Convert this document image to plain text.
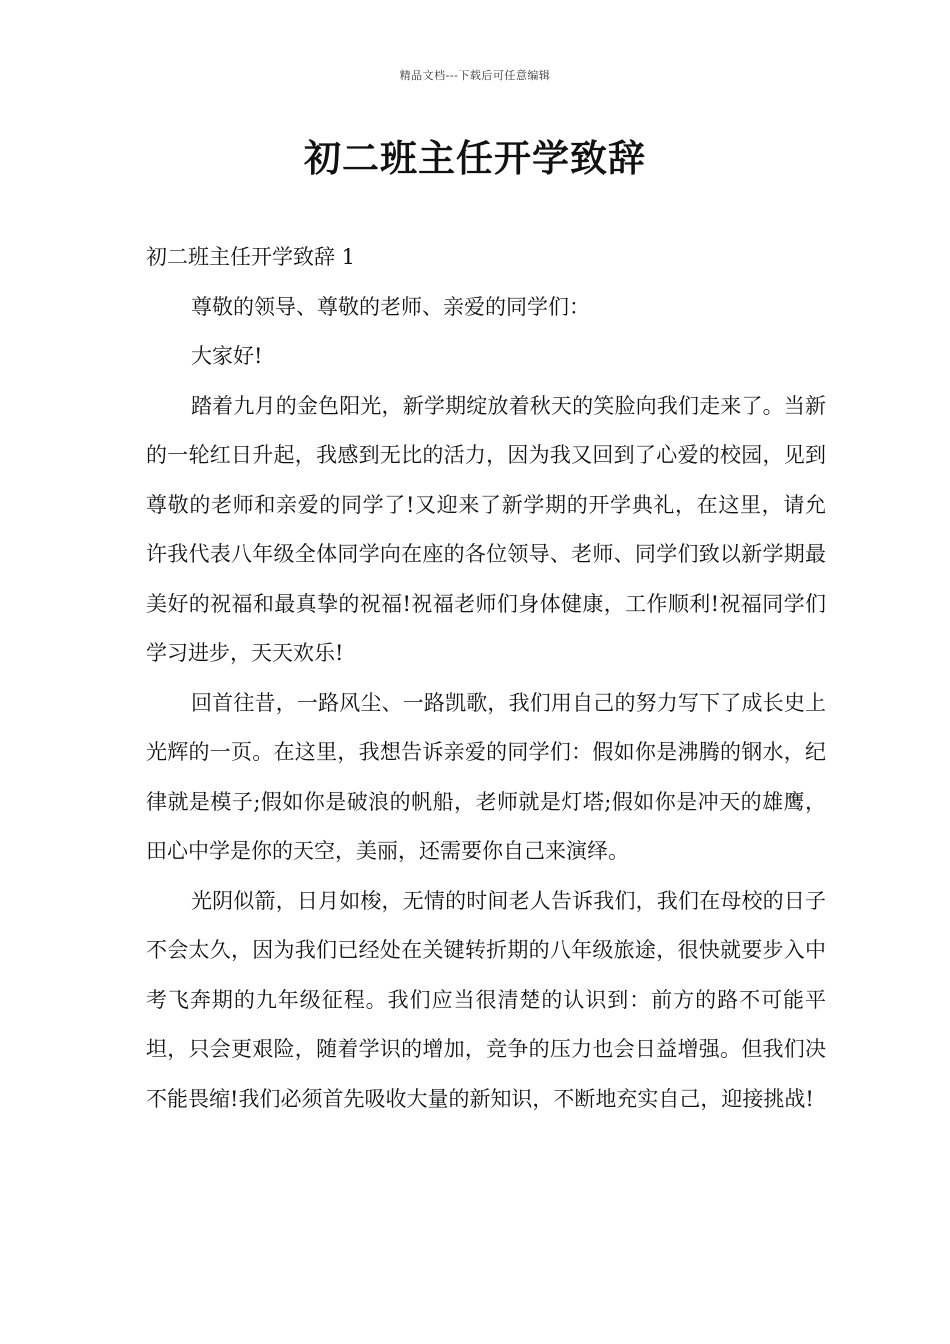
精品文档---下载后可任意编辑
初二班主任开学致辞

初二班主任开学致辞 1

尊敬的领导、尊敬的老师、亲爱的同学们：

大家好!

踏着九月的金色阳光，新学期绽放着秋天的笑脸向我们走来了。当新的一轮红日升起，我感到无比的活力，因为我又回到了心爱的校园，见到尊敬的老师和亲爱的同学了!又迎来了新学期的开学典礼，在这里，请允许我代表八年级全体同学向在座的各位领导、老师、同学们致以新学期最美好的祝福和最真挚的祝福!祝福老师们身体健康，工作顺利!祝福同学们学习进步，天天欢乐!

回首往昔，一路风尘、一路凯歌，我们用自己的努力写下了成长史上光辉的一页。在这里，我想告诉亲爱的同学们：假如你是沸腾的钢水，纪律就是模子;假如你是破浪的帆船，老师就是灯塔;假如你是冲天的雄鹰，田心中学是你的天空，美丽，还需要你自己来演绎。

光阴似箭，日月如梭，无情的时间老人告诉我们，我们在母校的日子不会太久，因为我们已经处在关键转折期的八年级旅途，很快就要步入中考飞奔期的九年级征程。我们应当很清楚的认识到：前方的路不可能平坦，只会更艰险，随着学识的增加，竞争的压力也会日益增强。但我们决不能畏缩!我们必须首先吸收大量的新知识，不断地充实自己，迎接挑战!
